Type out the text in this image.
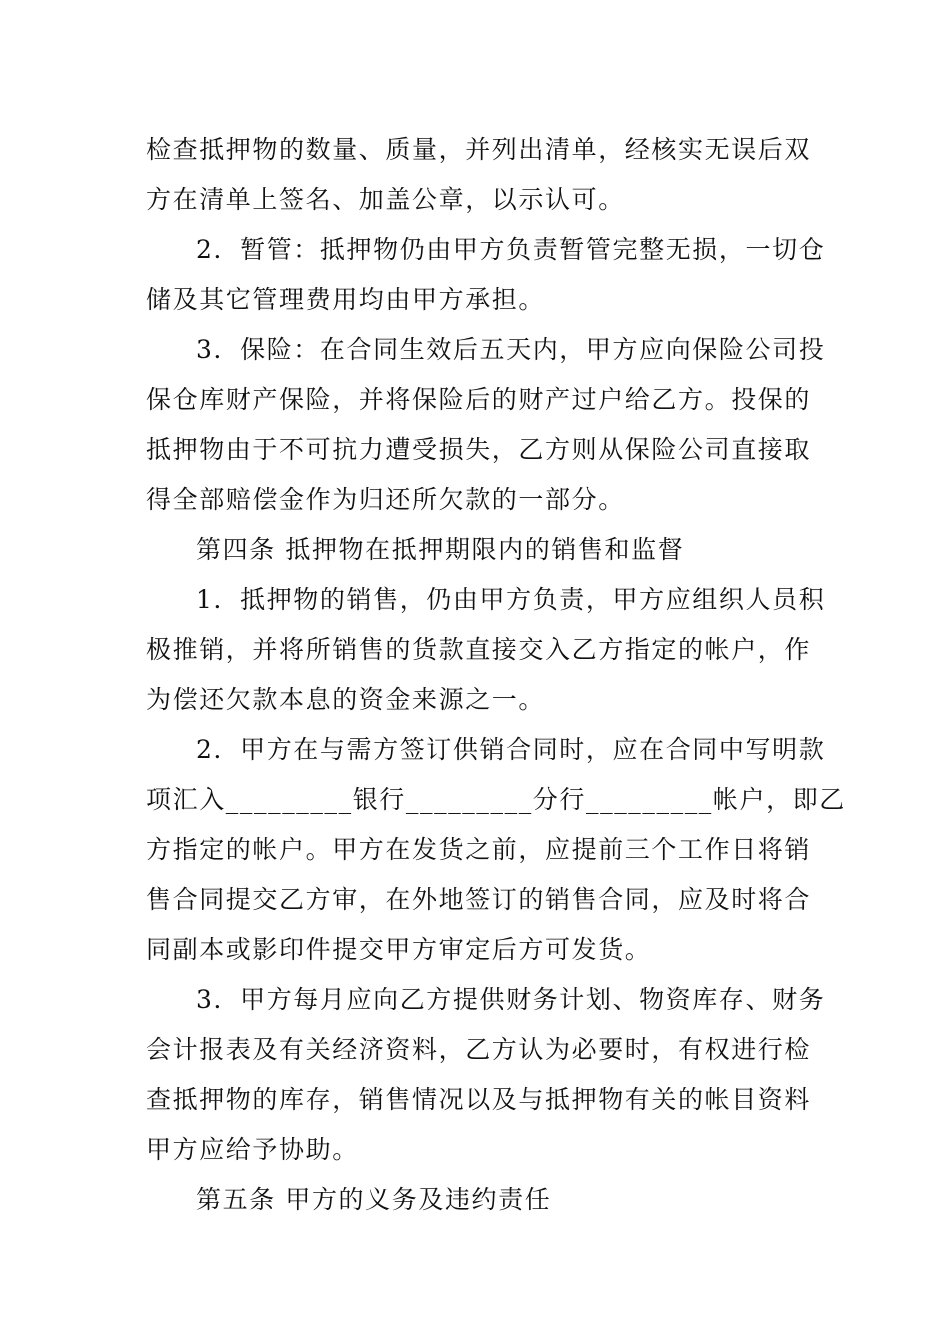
检查抵押物的数量、质量，并列出清单，经核实无误后双
方在清单上签名、加盖公章，以示认可。
2．暂管：抵押物仍由甲方负责暂管完整无损，一切仓
储及其它管理费用均由甲方承担。
3．保险：在合同生效后五天内，甲方应向保险公司投
保仓库财产保险，并将保险后的财产过户给乙方。投保的
抵押物由于不可抗力遭受损失，乙方则从保险公司直接取
得全部赔偿金作为归还所欠款的一部分。
第四条 抵押物在抵押期限内的销售和监督
1．抵押物的销售，仍由甲方负责，甲方应组织人员积
极推销，并将所销售的货款直接交入乙方指定的帐户，作
为偿还欠款本息的资金来源之一。
2．甲方在与需方签订供销合同时，应在合同中写明款
项汇入_________银行_________分行_________帐户，即乙
方指定的帐户。甲方在发货之前，应提前三个工作日将销
售合同提交乙方审，在外地签订的销售合同，应及时将合
同副本或影印件提交甲方审定后方可发货。
3．甲方每月应向乙方提供财务计划、物资库存、财务
会计报表及有关经济资料，乙方认为必要时，有权进行检
查抵押物的库存，销售情况以及与抵押物有关的帐目资料
甲方应给予协助。
第五条 甲方的义务及违约责任
